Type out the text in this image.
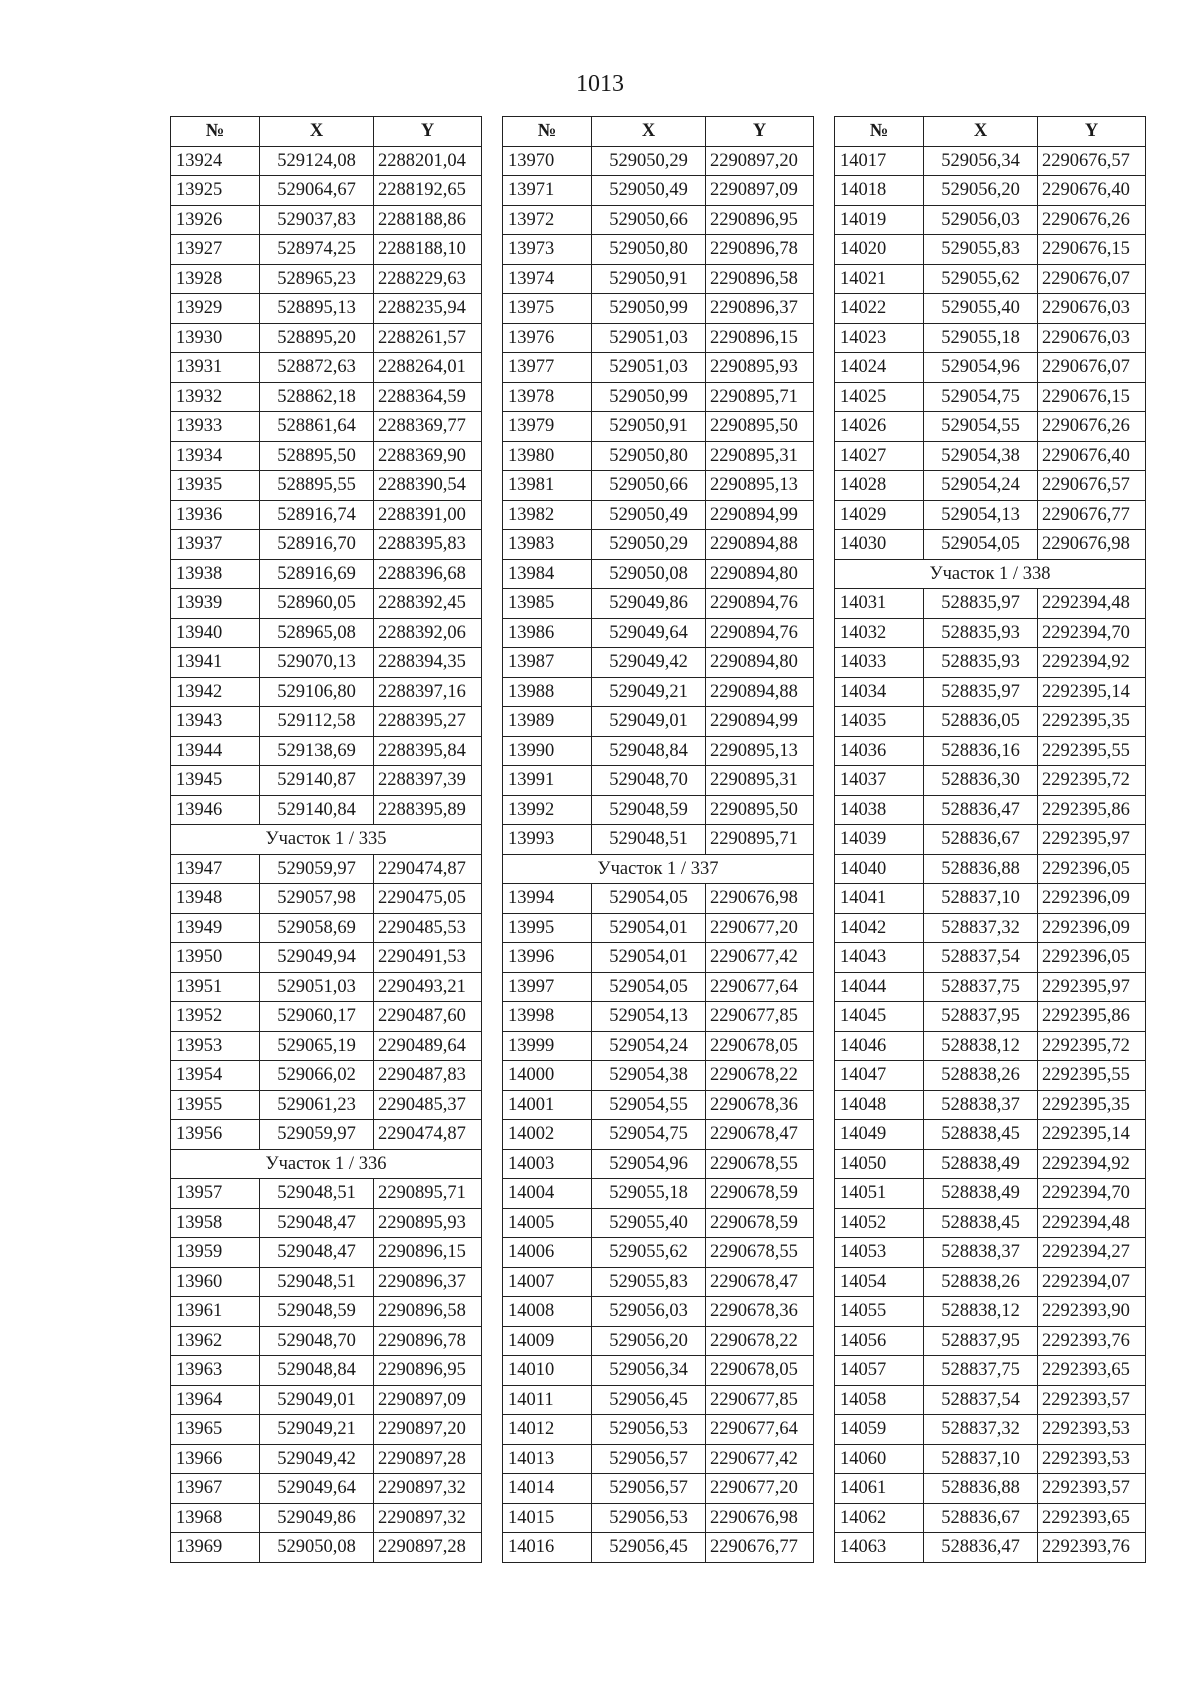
1013
№	X	Y
13924	529124,08	2288201,04
13925	529064,67	2288192,65
13926	529037,83	2288188,86
13927	528974,25	2288188,10
13928	528965,23	2288229,63
13929	528895,13	2288235,94
13930	528895,20	2288261,57
13931	528872,63	2288264,01
13932	528862,18	2288364,59
13933	528861,64	2288369,77
13934	528895,50	2288369,90
13935	528895,55	2288390,54
13936	528916,74	2288391,00
13937	528916,70	2288395,83
13938	528916,69	2288396,68
13939	528960,05	2288392,45
13940	528965,08	2288392,06
13941	529070,13	2288394,35
13942	529106,80	2288397,16
13943	529112,58	2288395,27
13944	529138,69	2288395,84
13945	529140,87	2288397,39
13946	529140,84	2288395,89
Участок 1 / 335		
13947	529059,97	2290474,87
13948	529057,98	2290475,05
13949	529058,69	2290485,53
13950	529049,94	2290491,53
13951	529051,03	2290493,21
13952	529060,17	2290487,60
13953	529065,19	2290489,64
13954	529066,02	2290487,83
13955	529061,23	2290485,37
13956	529059,97	2290474,87
Участок 1 / 336		
13957	529048,51	2290895,71
13958	529048,47	2290895,93
13959	529048,47	2290896,15
13960	529048,51	2290896,37
13961	529048,59	2290896,58
13962	529048,70	2290896,78
13963	529048,84	2290896,95
13964	529049,01	2290897,09
13965	529049,21	2290897,20
13966	529049,42	2290897,28
13967	529049,64	2290897,32
13968	529049,86	2290897,32
13969	529050,08	2290897,28
№	X	Y
13970	529050,29	2290897,20
13971	529050,49	2290897,09
13972	529050,66	2290896,95
13973	529050,80	2290896,78
13974	529050,91	2290896,58
13975	529050,99	2290896,37
13976	529051,03	2290896,15
13977	529051,03	2290895,93
13978	529050,99	2290895,71
13979	529050,91	2290895,50
13980	529050,80	2290895,31
13981	529050,66	2290895,13
13982	529050,49	2290894,99
13983	529050,29	2290894,88
13984	529050,08	2290894,80
13985	529049,86	2290894,76
13986	529049,64	2290894,76
13987	529049,42	2290894,80
13988	529049,21	2290894,88
13989	529049,01	2290894,99
13990	529048,84	2290895,13
13991	529048,70	2290895,31
13992	529048,59	2290895,50
13993	529048,51	2290895,71
Участок 1 / 337		
13994	529054,05	2290676,98
13995	529054,01	2290677,20
13996	529054,01	2290677,42
13997	529054,05	2290677,64
13998	529054,13	2290677,85
13999	529054,24	2290678,05
14000	529054,38	2290678,22
14001	529054,55	2290678,36
14002	529054,75	2290678,47
14003	529054,96	2290678,55
14004	529055,18	2290678,59
14005	529055,40	2290678,59
14006	529055,62	2290678,55
14007	529055,83	2290678,47
14008	529056,03	2290678,36
14009	529056,20	2290678,22
14010	529056,34	2290678,05
14011	529056,45	2290677,85
14012	529056,53	2290677,64
14013	529056,57	2290677,42
14014	529056,57	2290677,20
14015	529056,53	2290676,98
14016	529056,45	2290676,77
№	X	Y
14017	529056,34	2290676,57
14018	529056,20	2290676,40
14019	529056,03	2290676,26
14020	529055,83	2290676,15
14021	529055,62	2290676,07
14022	529055,40	2290676,03
14023	529055,18	2290676,03
14024	529054,96	2290676,07
14025	529054,75	2290676,15
14026	529054,55	2290676,26
14027	529054,38	2290676,40
14028	529054,24	2290676,57
14029	529054,13	2290676,77
14030	529054,05	2290676,98
Участок 1 / 338		
14031	528835,97	2292394,48
14032	528835,93	2292394,70
14033	528835,93	2292394,92
14034	528835,97	2292395,14
14035	528836,05	2292395,35
14036	528836,16	2292395,55
14037	528836,30	2292395,72
14038	528836,47	2292395,86
14039	528836,67	2292395,97
14040	528836,88	2292396,05
14041	528837,10	2292396,09
14042	528837,32	2292396,09
14043	528837,54	2292396,05
14044	528837,75	2292395,97
14045	528837,95	2292395,86
14046	528838,12	2292395,72
14047	528838,26	2292395,55
14048	528838,37	2292395,35
14049	528838,45	2292395,14
14050	528838,49	2292394,92
14051	528838,49	2292394,70
14052	528838,45	2292394,48
14053	528838,37	2292394,27
14054	528838,26	2292394,07
14055	528838,12	2292393,90
14056	528837,95	2292393,76
14057	528837,75	2292393,65
14058	528837,54	2292393,57
14059	528837,32	2292393,53
14060	528837,10	2292393,53
14061	528836,88	2292393,57
14062	528836,67	2292393,65
14063	528836,47	2292393,76
